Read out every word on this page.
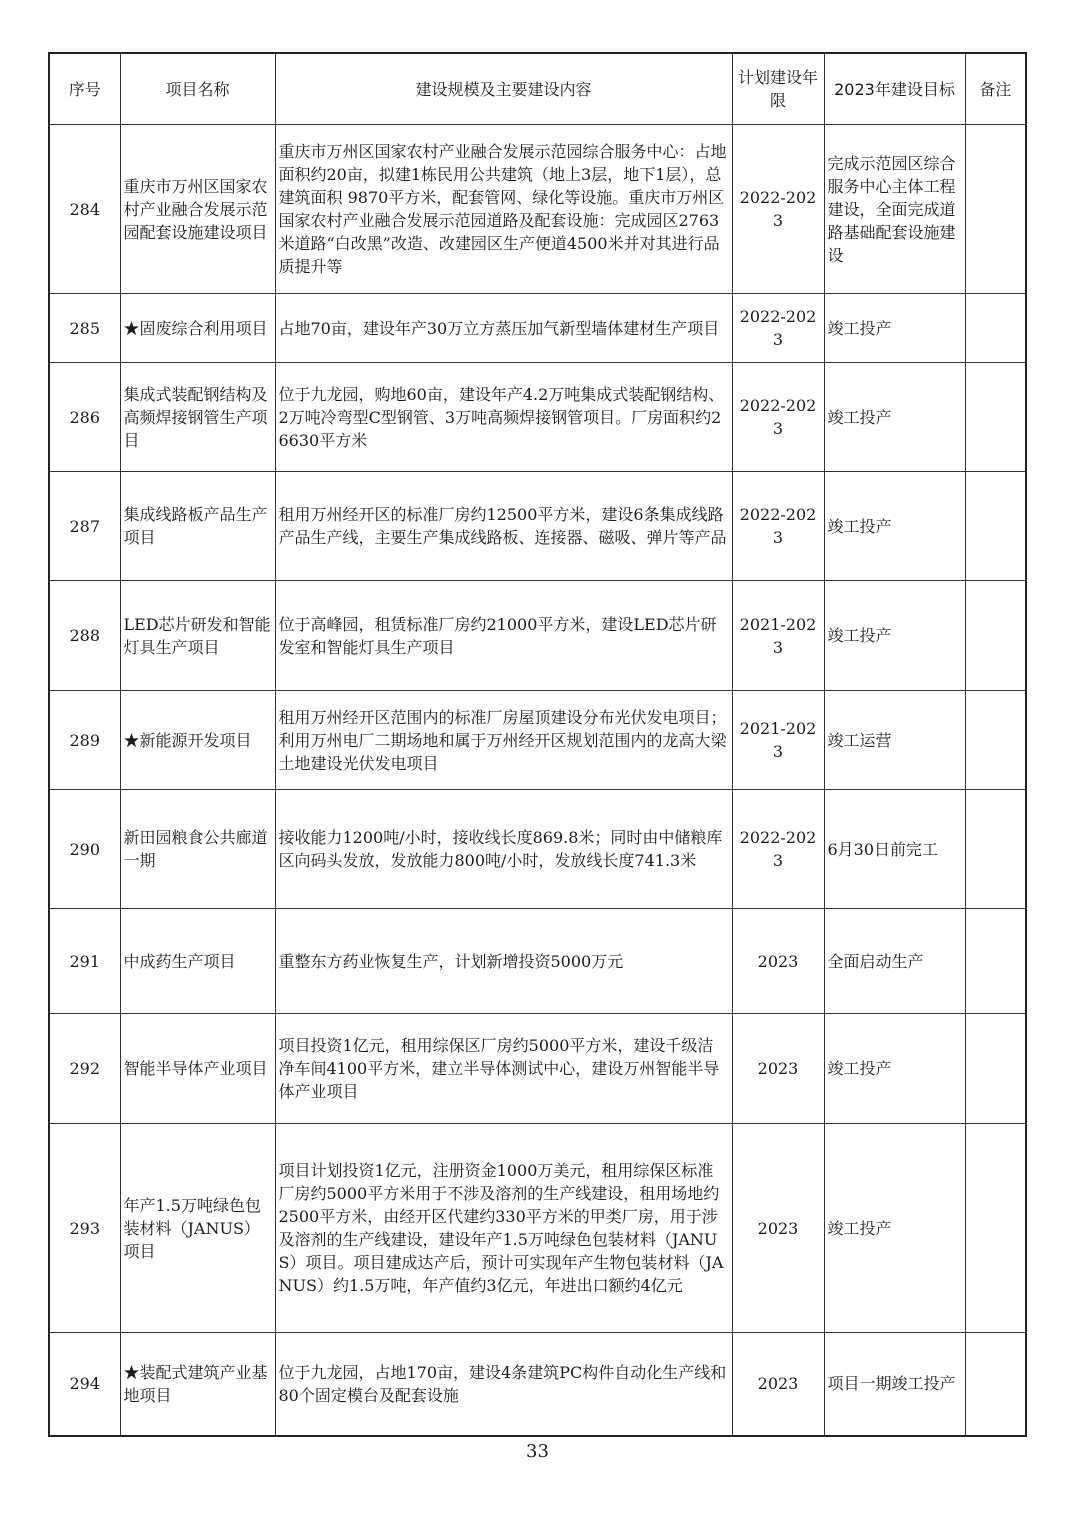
序号	项目名称	建设规模及主要建设内容	计划建设年限	2023年建设目标	备注
284	重庆市万州区国家农村产业融合发展示范园配套设施建设项目	重庆市万州区国家农村产业融合发展示范园综合服务中心：占地面积约20亩，拟建1栋民用公共建筑（地上3层，地下1层），总建筑面积 9870平方米，配套管网、绿化等设施。重庆市万州区国家农村产业融合发展示范园道路及配套设施：完成园区2763米道路“白改黑”改造、改建园区生产便道4500米并对其进行品质提升等	2022-2023	完成示范园区综合服务中心主体工程建设，全面完成道路基础配套设施建设	
285	★固废综合利用项目	占地70亩，建设年产30万立方蒸压加气新型墙体建材生产项目	2022-2023	竣工投产	
286	集成式装配钢结构及高频焊接钢管生产项目	位于九龙园，购地60亩，建设年产4.2万吨集成式装配钢结构、2万吨冷弯型C型钢管、3万吨高频焊接钢管项目。厂房面积约26630平方米	2022-2023	竣工投产	
287	集成线路板产品生产项目	租用万州经开区的标准厂房约12500平方米，建设6条集成线路产品生产线，主要生产集成线路板、连接器、磁吸、弹片等产品	2022-2023	竣工投产	
288	LED芯片研发和智能灯具生产项目	位于高峰园，租赁标准厂房约21000平方米，建设LED芯片研发室和智能灯具生产项目	2021-2023	竣工投产	
289	★新能源开发项目	租用万州经开区范围内的标准厂房屋顶建设分布光伏发电项目；利用万州电厂二期场地和属于万州经开区规划范围内的龙高大梁土地建设光伏发电项目	2021-2023	竣工运营	
290	新田园粮食公共廊道一期	接收能力1200吨/小时，接收线长度869.8米；同时由中储粮库区向码头发放，发放能力800吨/小时，发放线长度741.3米	2022-2023	6月30日前完工	
291	中成药生产项目	重整东方药业恢复生产，计划新增投资5000万元	2023	全面启动生产	
292	智能半导体产业项目	项目投资1亿元，租用综保区厂房约5000平方米，建设千级洁净车间4100平方米，建立半导体测试中心，建设万州智能半导体产业项目	2023	竣工投产	
293	年产1.5万吨绿色包装材料（JANUS）项目	项目计划投资1亿元，注册资金1000万美元，租用综保区标准厂房约5000平方米用于不涉及溶剂的生产线建设，租用场地约2500平方米，由经开区代建约330平方米的甲类厂房，用于涉及溶剂的生产线建设，建设年产1.5万吨绿色包装材料（JANUS）项目。项目建成达产后，预计可实现年产生物包装材料（JANUS）约1.5万吨，年产值约3亿元，年进出口额约4亿元	2023	竣工投产	
294	★装配式建筑产业基地项目	位于九龙园，占地170亩，建设4条建筑PC构件自动化生产线和80个固定模台及配套设施	2023	项目一期竣工投产	
33
